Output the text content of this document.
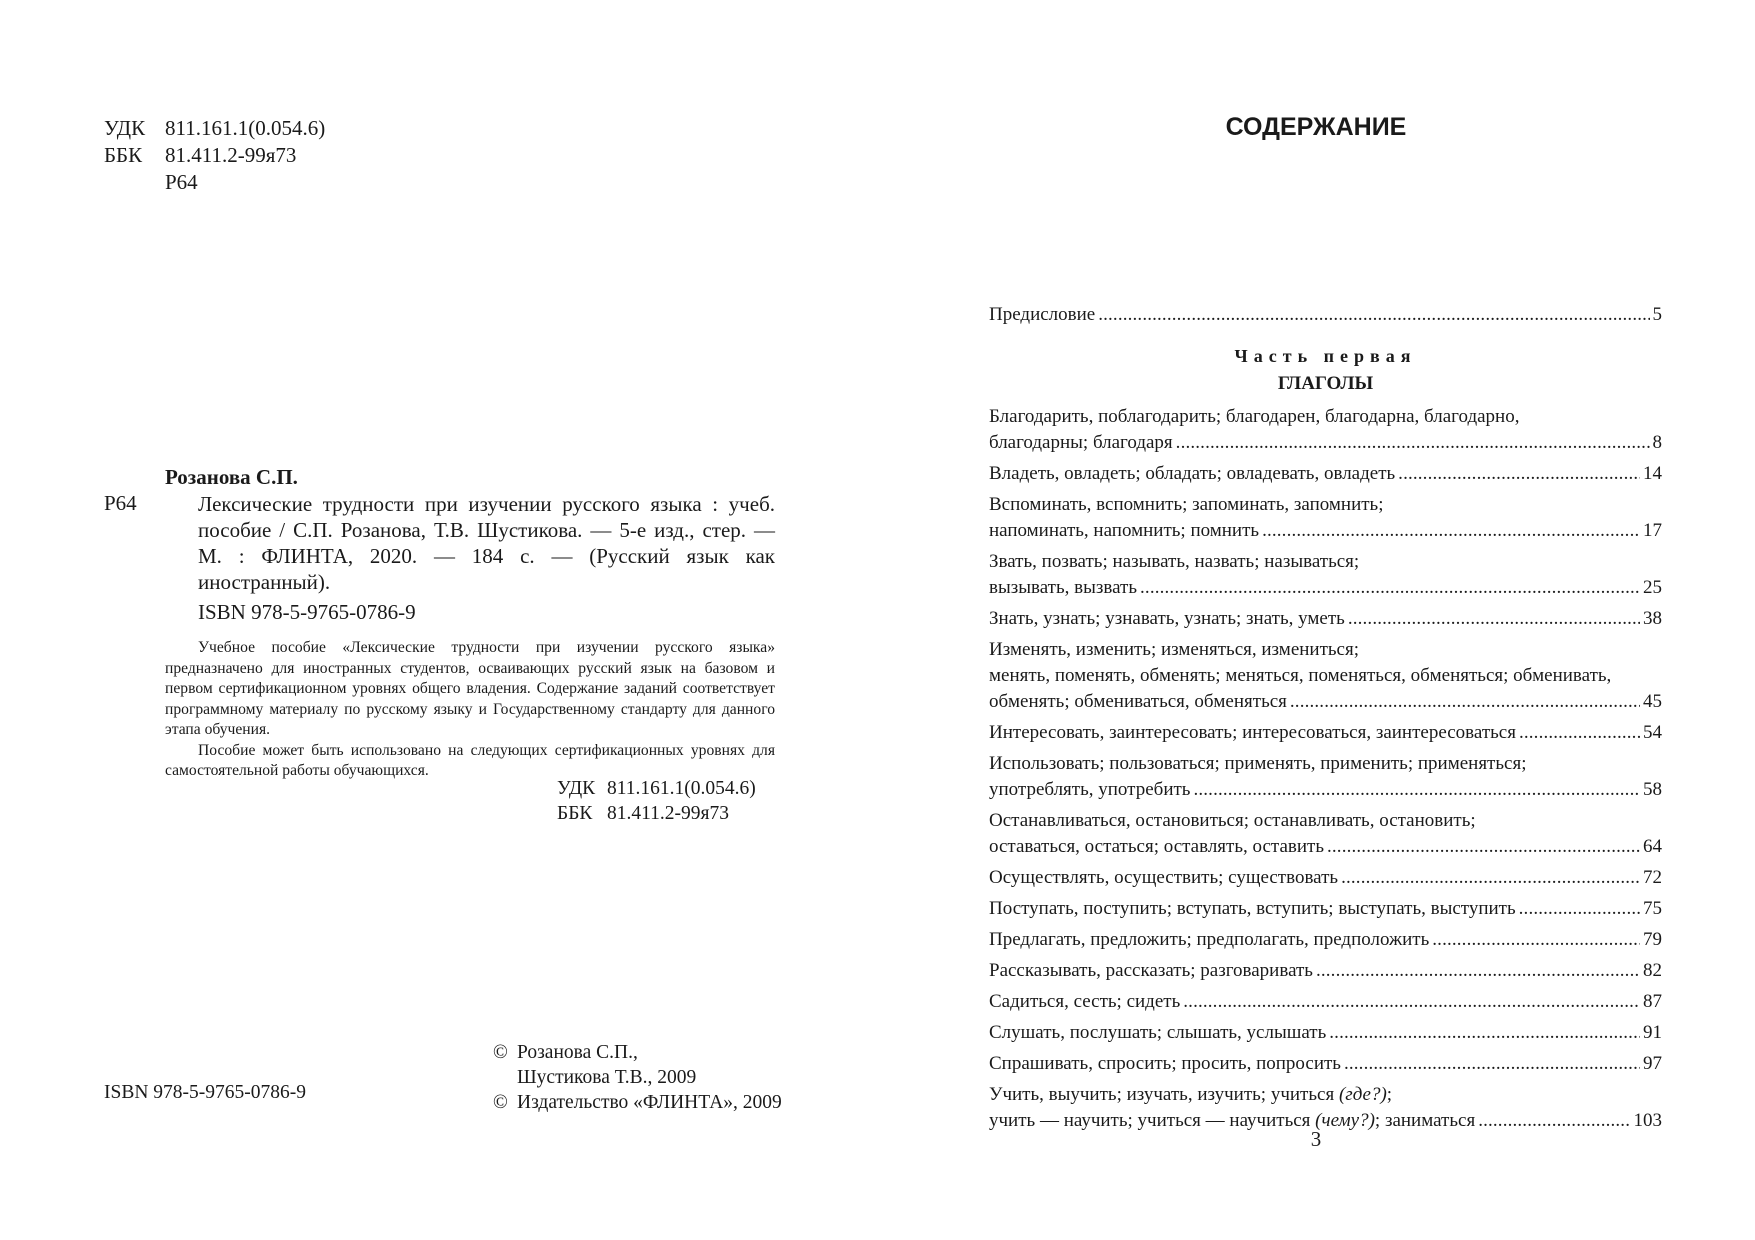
УДК 811.161.1(0.054.6)
ББК	81.411.2-99я73
Р64
Розанова С.П.
Р64	Лексические трудности при изучении русского языка : учеб. пособие / С.П. Розанова, Т.В. Шустикова. — 5-е изд., стер. — М. : ФЛИНТА, 2020. — 184 с. — (Русский язык как иностранный).
ISBN 978-5-9765-0786-9

Учебное пособие «Лексические трудности при изучении русского языка» предназначено для иностранных студентов, осваивающих русский язык на базовом и первом сертификационном уровнях общего владения. Содержание заданий соответствует программному материалу по русскому языку и Государственному стандарту для данного этапа обучения.

Пособие может быть использовано на следующих сертификационных уровнях для самостоятельной работы обучающихся.

УДК 811.161.1(0.054.6)
ББК 81.411.2-99я73
© Розанова С.П.,
Шустикова Т.В., 2009
© Издательство «ФЛИНТА», 2009
ISBN 978-5-9765-0786-9
СОДЕРЖАНИЕ
Предисловие . . .	5
Часть первая
ГЛАГОЛЫ
Благодарить, поблагодарить; благодарен, благодарна, благодарно,
благодарны; благодаря . . .	8
Владеть, овладеть; обладать; овладевать, овладеть . . .	14
Вспоминать, вспомнить; запоминать, запомнить;
напоминать, напомнить; помнить . . .	17
Звать, позвать; называть, назвать; называться;
вызывать, вызвать . . .	25
Знать, узнать; узнавать, узнать; знать, уметь . . .	38
Изменять, изменить; изменяться, измениться;
менять, поменять, обменять; меняться, поменяться, обменяться; обменивать,
обменять; обмениваться, обменяться . . .	45
Интересовать, заинтересовать; интересоваться, заинтересоваться . . .	54
Использовать; пользоваться; применять, применить; применяться;
употреблять, употребить . . .	58
Останавливаться, остановиться; останавливать, остановить;
оставаться, остаться; оставлять, оставить . . .	64
Осуществлять, осуществить; существовать . . .	72
Поступать, поступить; вступать, вступить; выступать, выступить . . .	75
Предлагать, предложить; предполагать, предположить . . .	79
Рассказывать, рассказать; разговаривать . . .	82
Садиться, сесть; сидеть . . .	87
Слушать, послушать; слышать, услышать . . .	91
Спрашивать, спросить; просить, попросить . . .	97
Учить, выучить; изучать, изучить; учиться (где?);
учить — научить; учиться — научиться (чему?); заниматься . . .	103
3
